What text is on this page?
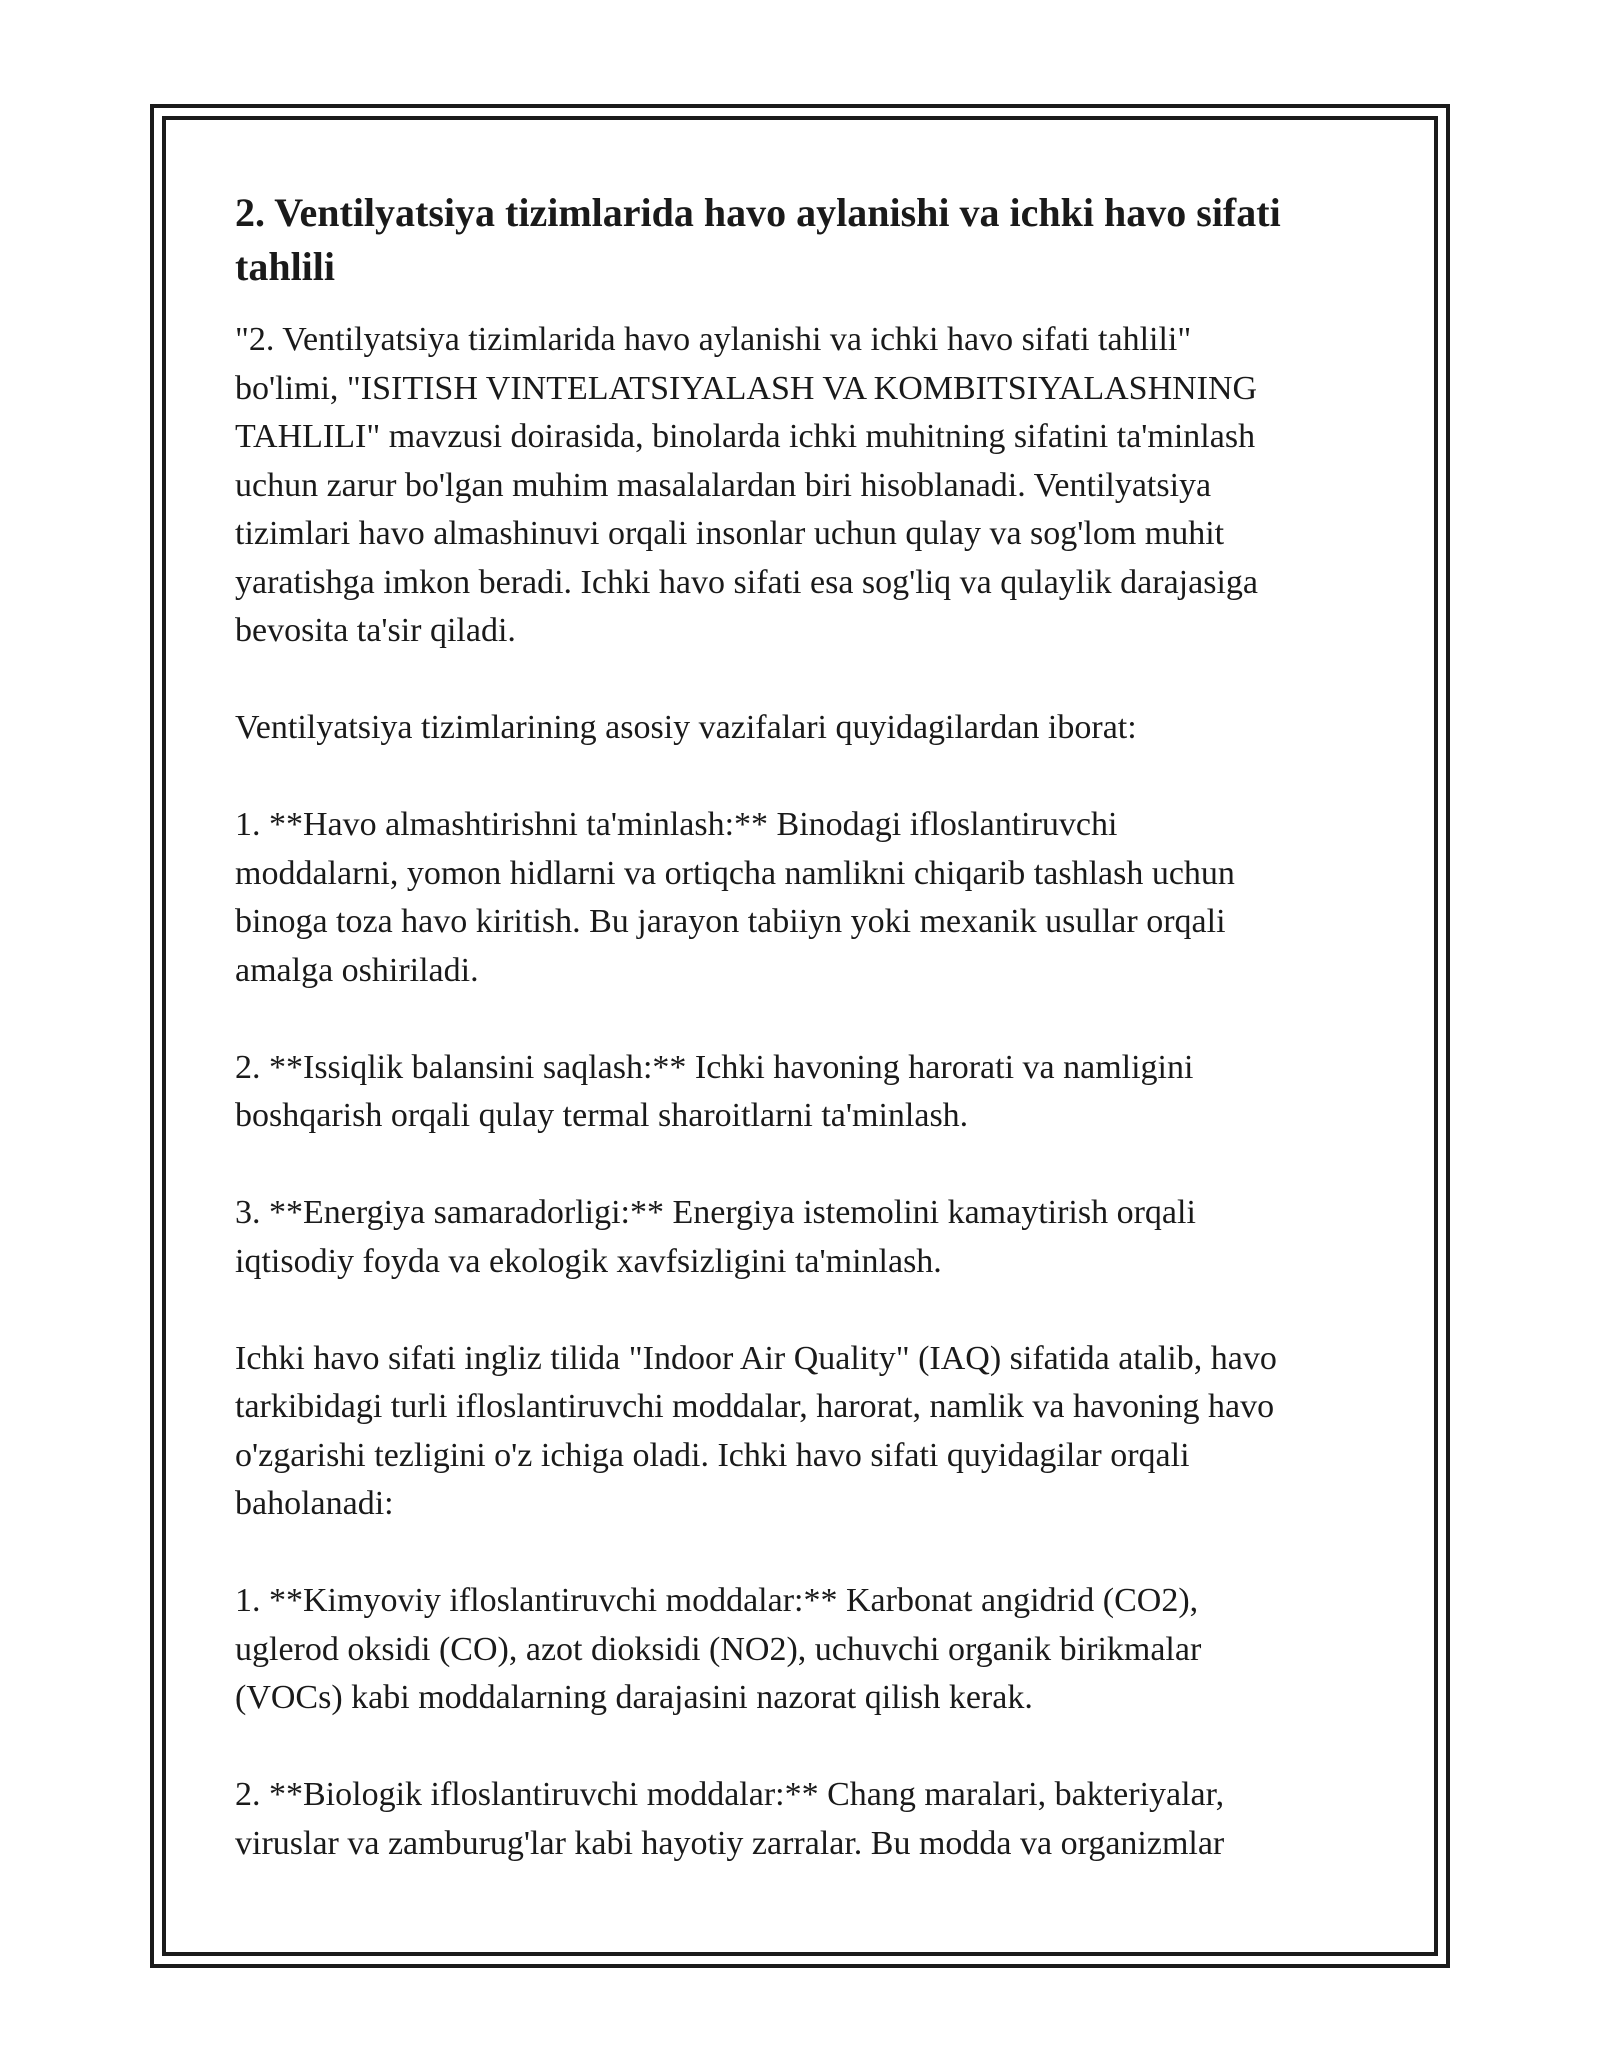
2. Ventilyatsiya tizimlarida havo aylanishi va ichki havo sifati tahlili

"2. Ventilyatsiya tizimlarida havo aylanishi va ichki havo sifati tahlili"
bo'limi, "ISITISH VINTELATSIYALASH VA KOMBITSIYALASHNING
TAHLILI" mavzusi doirasida, binolarda ichki muhitning sifatini ta'minlash
uchun zarur bo'lgan muhim masalalardan biri hisoblanadi. Ventilyatsiya
tizimlari havo almashinuvi orqali insonlar uchun qulay va sog'lom muhit
yaratishga imkon beradi. Ichki havo sifati esa sog'liq va qulaylik darajasiga
bevosita ta'sir qiladi.

Ventilyatsiya tizimlarining asosiy vazifalari quyidagilardan iborat:

1. **Havo almashtirishni ta'minlash:** Binodagi ifloslantiruvchi
moddalarni, yomon hidlarni va ortiqcha namlikni chiqarib tashlash uchun
binoga toza havo kiritish. Bu jarayon tabiiyn yoki mexanik usullar orqali
amalga oshiriladi.

2. **Issiqlik balansini saqlash:** Ichki havoning harorati va namligini
boshqarish orqali qulay termal sharoitlarni ta'minlash.

3. **Energiya samaradorligi:** Energiya istemolini kamaytirish orqali
iqtisodiy foyda va ekologik xavfsizligini ta'minlash.

Ichki havo sifati ingliz tilida "Indoor Air Quality" (IAQ) sifatida atalib, havo
tarkibidagi turli ifloslantiruvchi moddalar, harorat, namlik va havoning havo
o'zgarishi tezligini o'z ichiga oladi. Ichki havo sifati quyidagilar orqali
baholanadi:

1. **Kimyoviy ifloslantiruvchi moddalar:** Karbonat angidrid (CO2),
uglerod oksidi (CO), azot dioksidi (NO2), uchuvchi organik birikmalar
(VOCs) kabi moddalarning darajasini nazorat qilish kerak.

2. **Biologik ifloslantiruvchi moddalar:** Chang maralari, bakteriyalar,
viruslar va zamburug'lar kabi hayotiy zarralar. Bu modda va organizmlar
